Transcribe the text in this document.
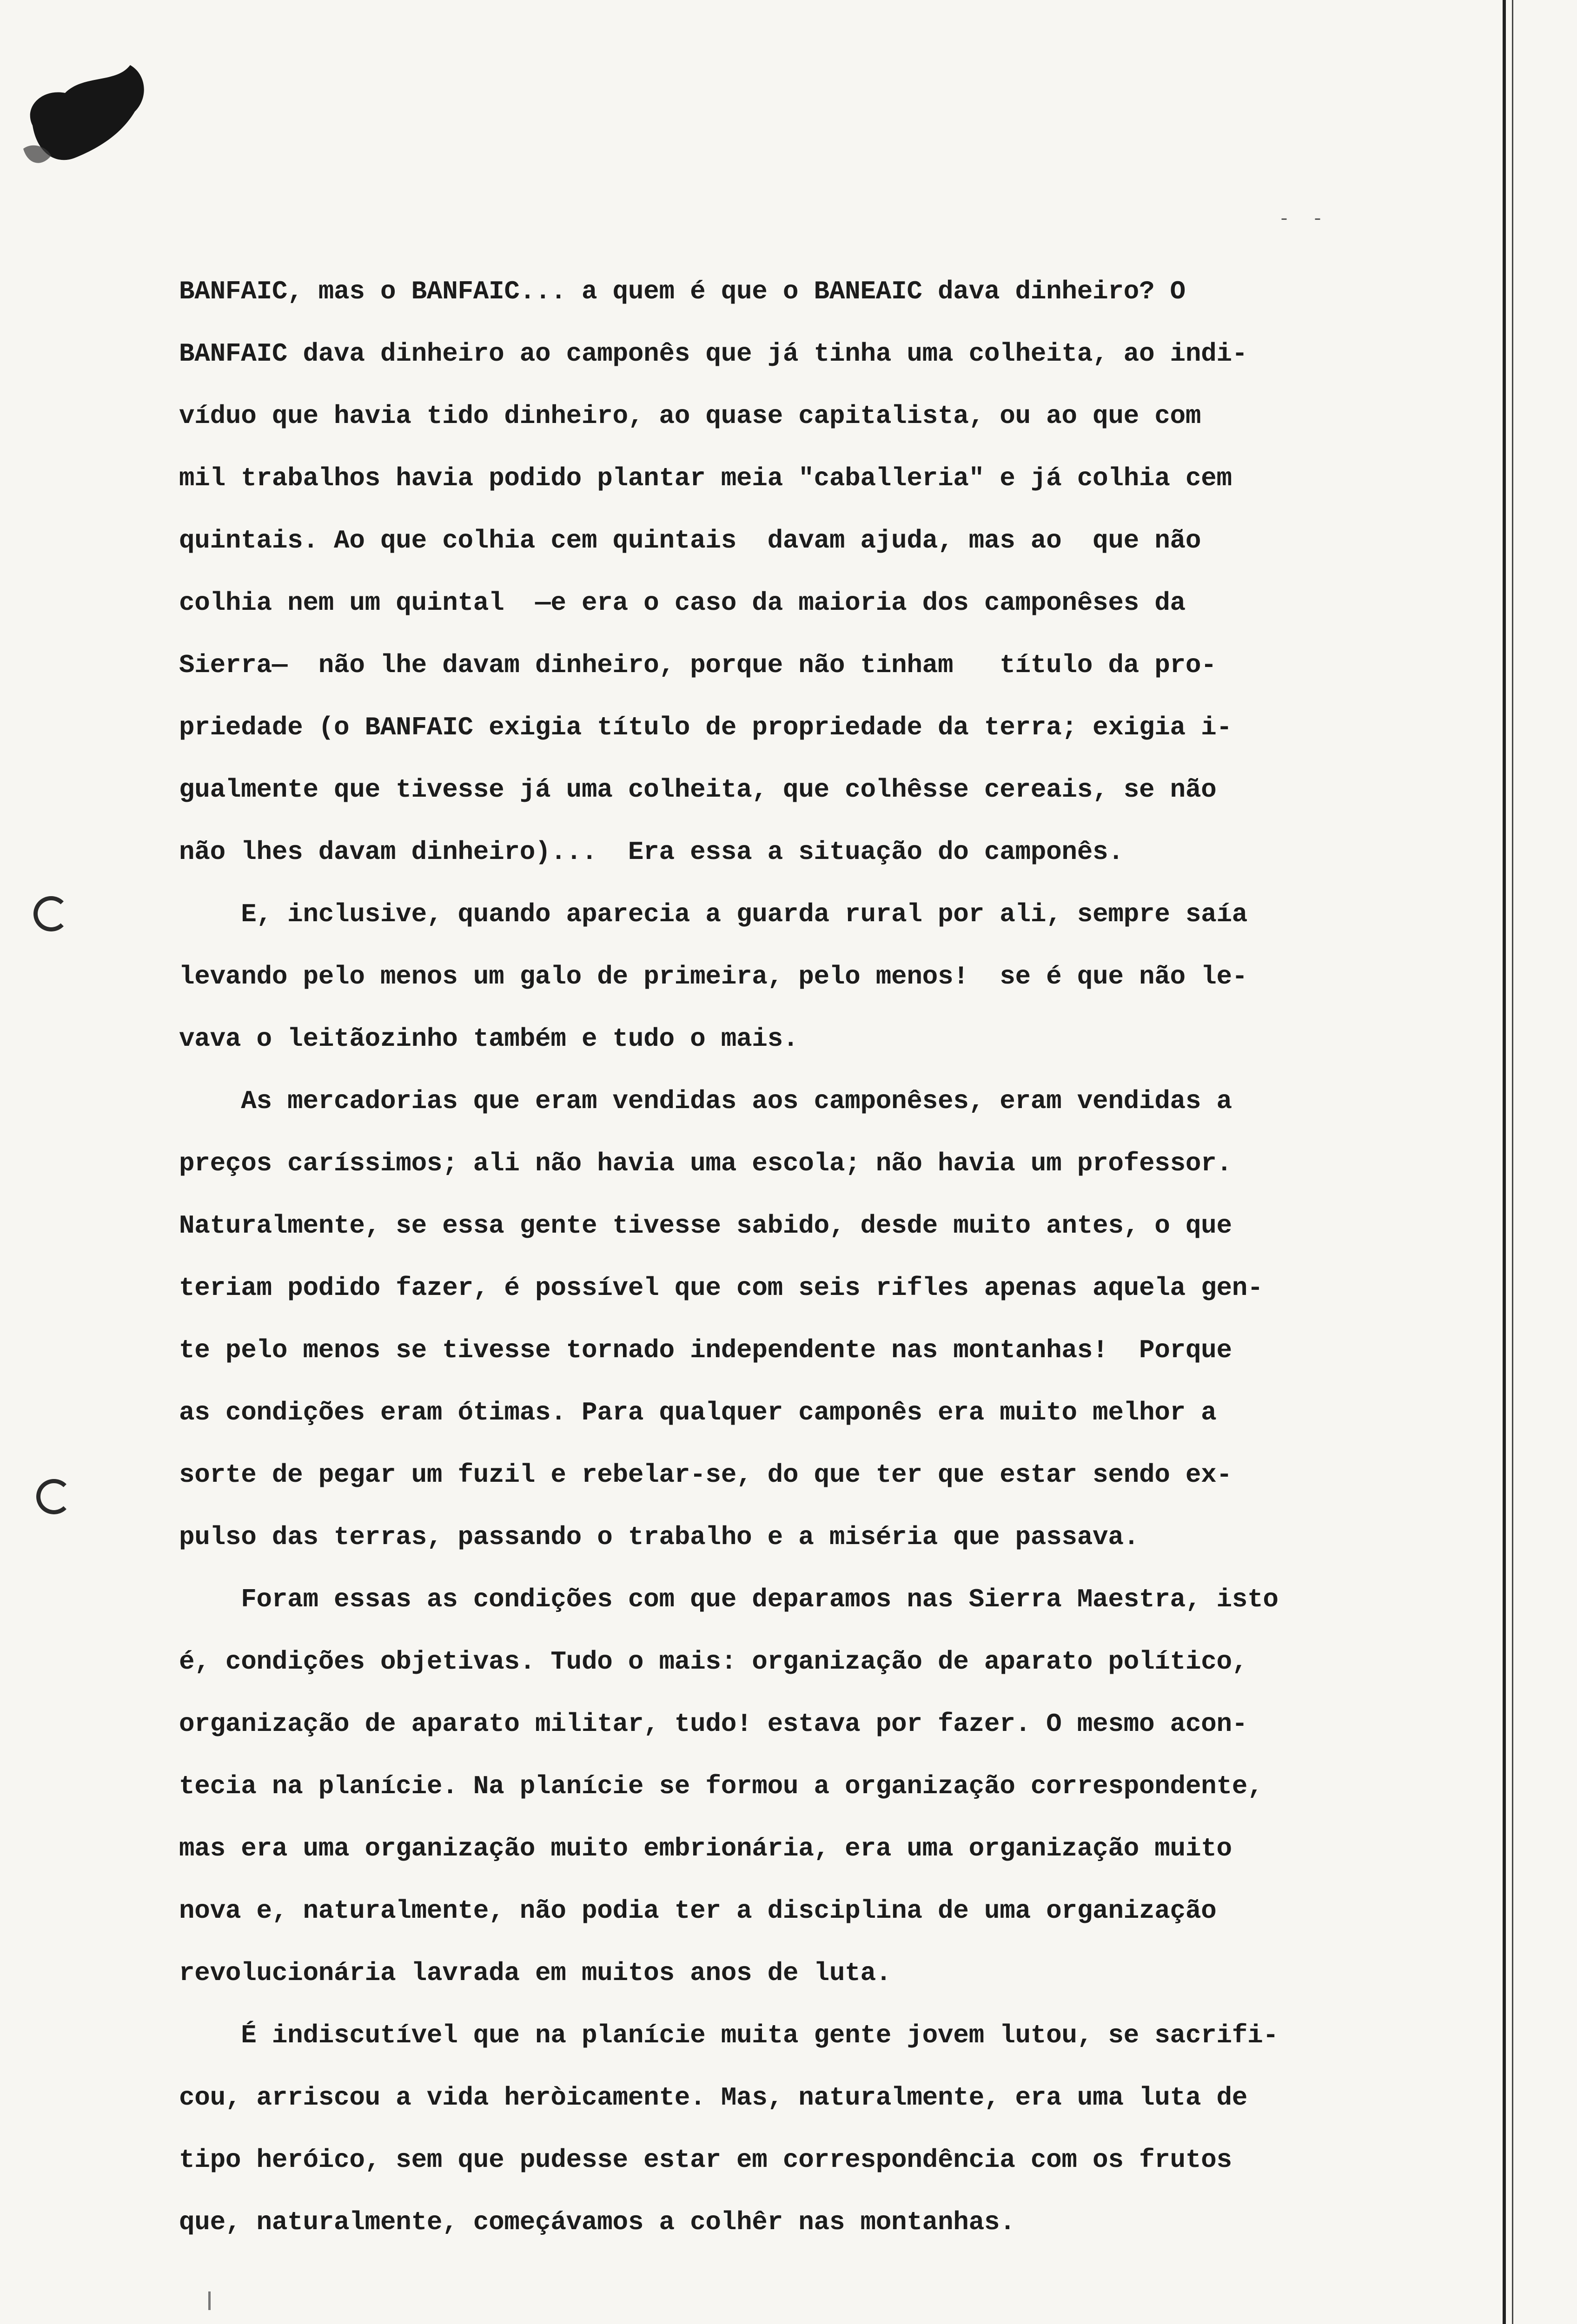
- -
BANFAIC, mas o BANFAIC... a quem é que o BANEAIC dava dinheiro? O
BANFAIC dava dinheiro ao camponês que já tinha uma colheita, ao indi-
víduo que havia tido dinheiro, ao quase capitalista, ou ao que com
mil trabalhos havia podido plantar meia "caballeria" e já colhia cem
quintais. Ao que colhia cem quintais  davam ajuda, mas ao  que não
colhia nem um quintal  —e era o caso da maioria dos camponêses da
Sierra—  não lhe davam dinheiro, porque não tinham   título da pro-
priedade (o BANFAIC exigia título de propriedade da terra; exigia i-
gualmente que tivesse já uma colheita, que colhêsse cereais, se não
não lhes davam dinheiro)...  Era essa a situação do camponês.
E, inclusive, quando aparecia a guarda rural por ali, sempre saía
levando pelo menos um galo de primeira, pelo menos!  se é que não le-
vava o leitãozinho também e tudo o mais.
As mercadorias que eram vendidas aos camponêses, eram vendidas a
preços caríssimos; ali não havia uma escola; não havia um professor.
Naturalmente, se essa gente tivesse sabido, desde muito antes, o que
teriam podido fazer, é possível que com seis rifles apenas aquela gen-
te pelo menos se tivesse tornado independente nas montanhas!  Porque
as condições eram ótimas. Para qualquer camponês era muito melhor a
sorte de pegar um fuzil e rebelar-se, do que ter que estar sendo ex-
pulso das terras, passando o trabalho e a miséria que passava.
Foram essas as condições com que deparamos nas Sierra Maestra, isto
é, condições objetivas. Tudo o mais: organização de aparato político,
organização de aparato militar, tudo! estava por fazer. O mesmo acon-
tecia na planície. Na planície se formou a organização correspondente,
mas era uma organização muito embrionária, era uma organização muito
nova e, naturalmente, não podia ter a disciplina de uma organização
revolucionária lavrada em muitos anos de luta.
É indiscutível que na planície muita gente jovem lutou, se sacrifi-
cou, arriscou a vida heròicamente. Mas, naturalmente, era uma luta de
tipo heróico, sem que pudesse estar em correspondência com os frutos
que, naturalmente, começávamos a colhêr nas montanhas.
